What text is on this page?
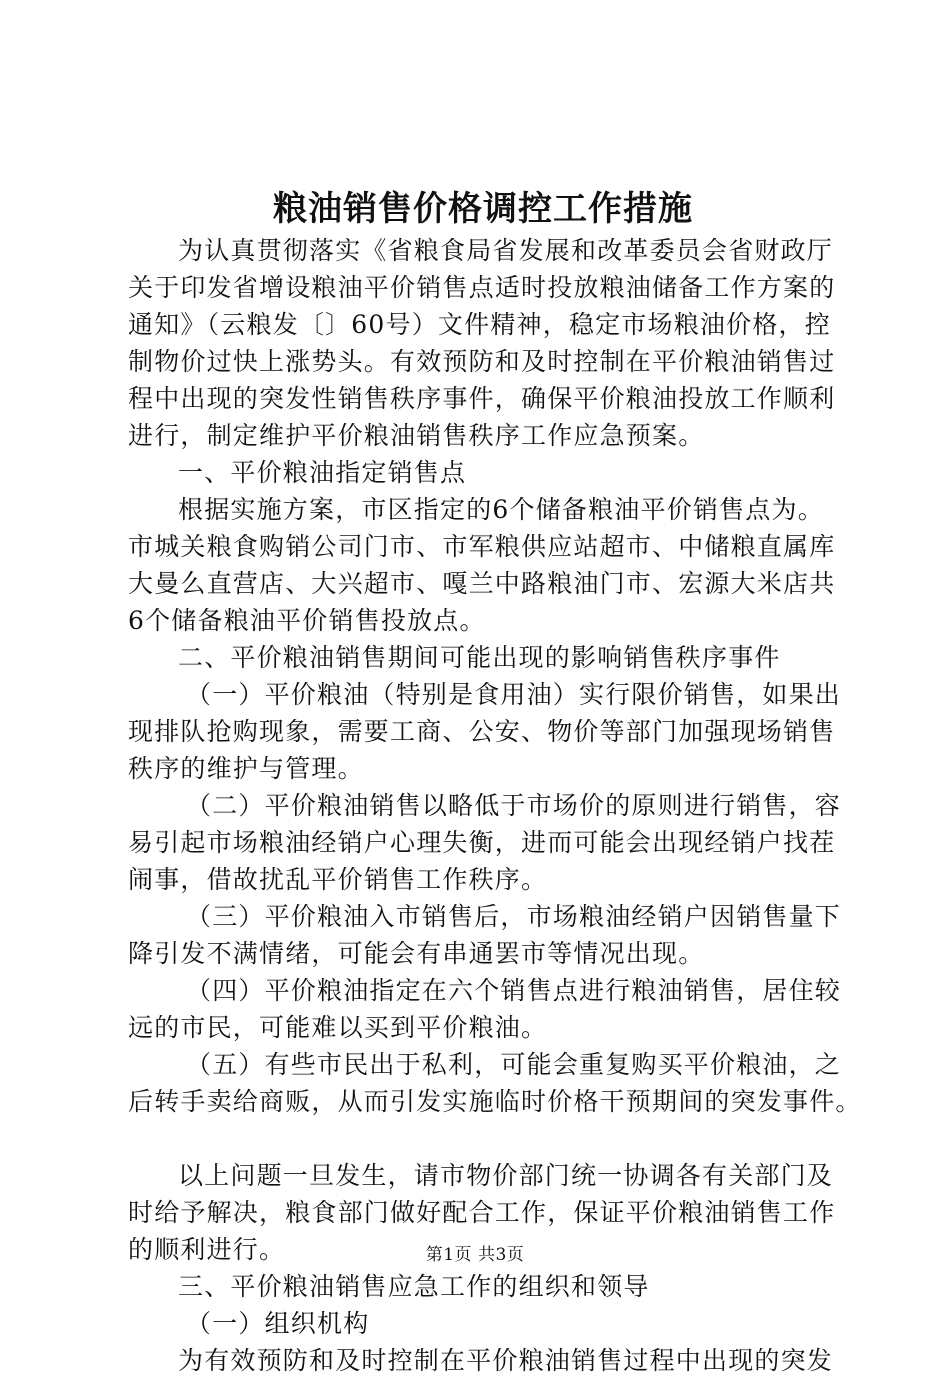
粮油销售价格调控工作措施
为认真贯彻落实《省粮食局省发展和改革委员会省财政厅
关于印发省增设粮油平价销售点适时投放粮油储备工作方案的
通知》（云粮发〔〕60号）文件精神，稳定市场粮油价格，控
制物价过快上涨势头。有效预防和及时控制在平价粮油销售过
程中出现的突发性销售秩序事件，确保平价粮油投放工作顺利
进行，制定维护平价粮油销售秩序工作应急预案。
一、平价粮油指定销售点
根据实施方案，市区指定的6个储备粮油平价销售点为。
市城关粮食购销公司门市、市军粮供应站超市、中储粮直属库
大曼么直营店、大兴超市、嘎兰中路粮油门市、宏源大米店共
6个储备粮油平价销售投放点。
二、平价粮油销售期间可能出现的影响销售秩序事件
（一）平价粮油（特别是食用油）实行限价销售，如果出
现排队抢购现象，需要工商、公安、物价等部门加强现场销售
秩序的维护与管理。
（二）平价粮油销售以略低于市场价的原则进行销售，容
易引起市场粮油经销户心理失衡，进而可能会出现经销户找茬
闹事，借故扰乱平价销售工作秩序。
（三）平价粮油入市销售后，市场粮油经销户因销售量下
降引发不满情绪，可能会有串通罢市等情况出现。
（四）平价粮油指定在六个销售点进行粮油销售，居住较
远的市民，可能难以买到平价粮油。
（五）有些市民出于私利，可能会重复购买平价粮油，之
后转手卖给商贩，从而引发实施临时价格干预期间的突发事件。
以上问题一旦发生，请市物价部门统一协调各有关部门及
时给予解决，粮食部门做好配合工作，保证平价粮油销售工作
的顺利进行。
三、平价粮油销售应急工作的组织和领导
（一）组织机构
为有效预防和及时控制在平价粮油销售过程中出现的突发
第1页 共3页
